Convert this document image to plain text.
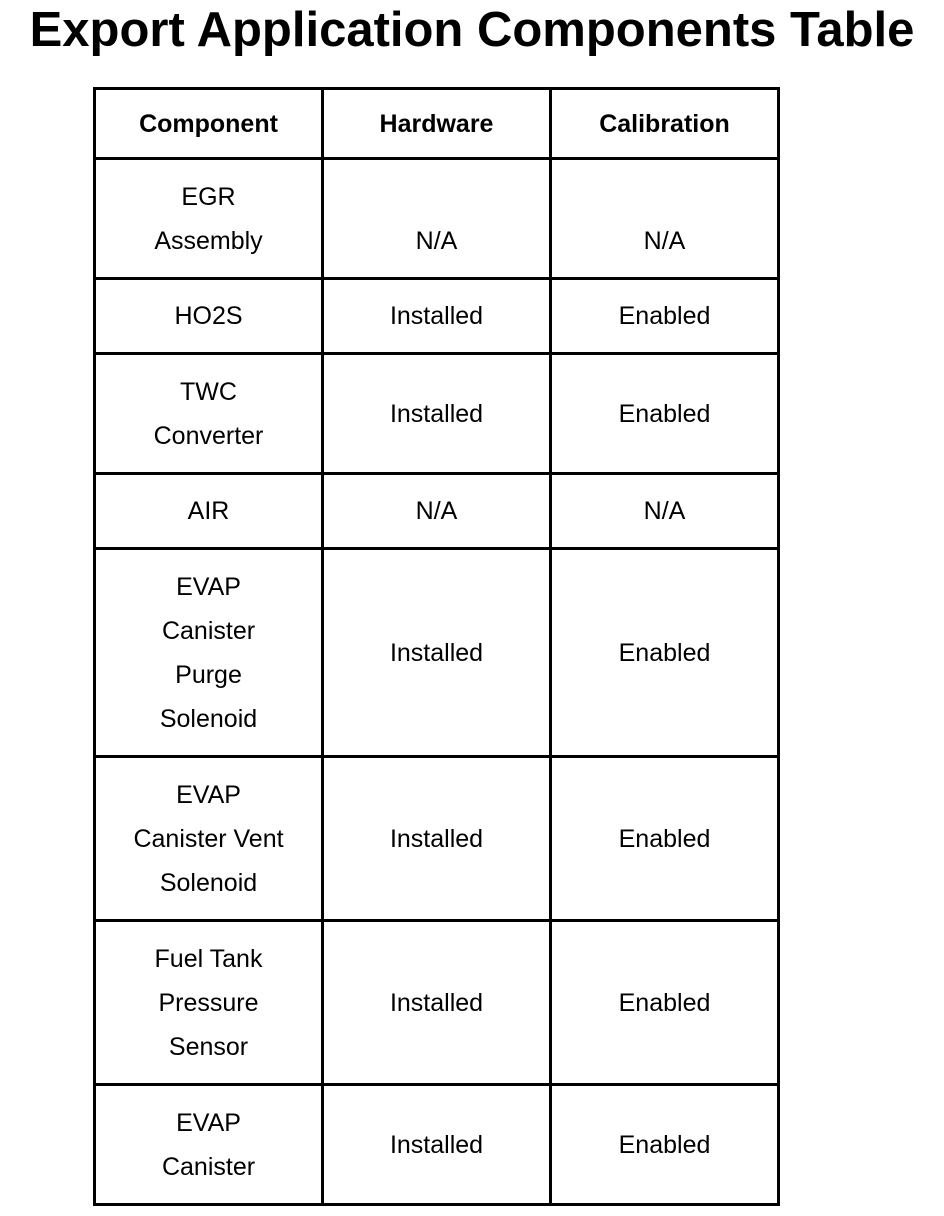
Export Application Components Table
Component	Hardware	Calibration

EGR
Assembly	N/A	N/A

HO2S	Installed	Enabled

TWC
Converter	Installed	Enabled

AIR	N/A	N/A

EVAP
Canister
Purge
Solenoid	Installed	Enabled

EVAP
Canister Vent
Solenoid	Installed	Enabled

Fuel Tank
Pressure
Sensor	Installed	Enabled

EVAP
Canister	Installed	Enabled
